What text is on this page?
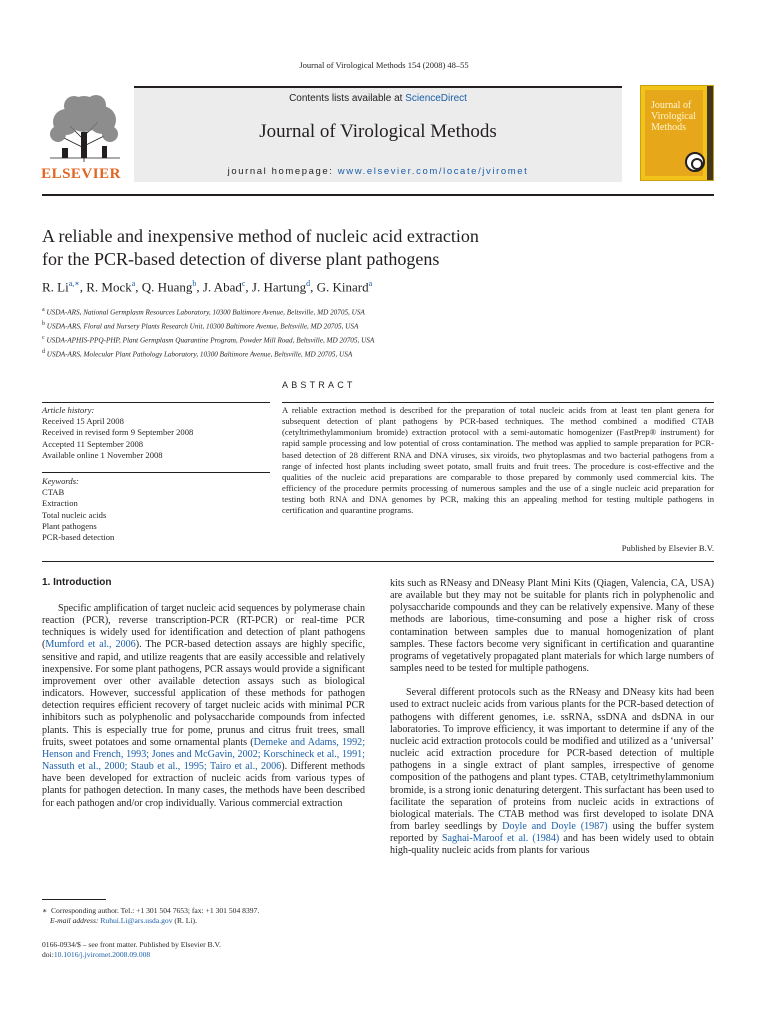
Journal of Virological Methods 154 (2008) 48–55
ELSEVIER
Contents lists available at ScienceDirect
Journal of Virological Methods
journal homepage: www.elsevier.com/locate/jviromet
Journal of
Virological
Methods
A reliable and inexpensive method of nucleic acid extraction
for the PCR-based detection of diverse plant pathogens
R. $Li^{a,∗}$, R. Mock$^a$, Q. Huang$^b$, J. Abad$^c$, J. Hartung$^d$, G. Kinard$^a$
$^a$ USDA-ARS, National Germplasm Resources Laboratory, 10300 Baltimore Avenue, Beltsville, MD 20705, USA
$^b$ USDA-ARS, Floral and Nursery Plants Research Unit, 10300 Baltimore Avenue, Beltsville, MD 20705, USA
$^c$ USDA-APHIS-PPQ-PHP, Plant Germplasm Quarantine Program, Powder Mill Road, Beltsville, MD 20705, USA
$^d$ USDA-ARS, Molecular Plant Pathology Laboratory, 10300 Baltimore Avenue, Beltsville, MD 20705, USA
ABSTRACT
Article history:
Received 15 April 2008
Received in revised form 9 September 2008
Accepted 11 September 2008
Available online 1 November 2008
Keywords:
CTAB
Extraction
Total nucleic acids
Plant pathogens
PCR-based detection
A reliable extraction method is described for the preparation of total nucleic acids from at least ten plant genera for subsequent detection of plant pathogens by PCR-based techniques. The method combined a modified CTAB (cetyltrimethylammonium bromide) extraction protocol with a semi-automatic homogenizer (FastPrep® instrument) for rapid sample processing and low potential of cross contamination. The method was applied to sample preparation for PCR-based detection of 28 different RNA and DNA viruses, six viroids, two phytoplasmas and two bacterial pathogens from a range of infected host plants including sweet potato, small fruits and fruit trees. The procedure is cost-effective and the qualities of the nucleic acid preparations are comparable to those prepared by commonly used commercial kits. The efficiency of the procedure permits processing of numerous samples and the use of a single nucleic acid preparation for testing both RNA and DNA genomes by PCR, making this an appealing method for testing multiple pathogens in certification and quarantine programs.
Published by Elsevier B.V.
1. Introduction

Specific amplification of target nucleic acid sequences by polymerase chain reaction (PCR), reverse transcription-PCR (RT-PCR) or real-time PCR techniques is widely used for identification and detection of plant pathogens (Mumford et al., 2006). The PCR-based detection assays are highly specific, sensitive and rapid, and utilize reagents that are easily accessible and relatively inexpensive. For some plant pathogens, PCR assays would provide a significant improvement over other available detection assays such as biological indicators. However, successful application of these methods for pathogen detection requires efficient recovery of target nucleic acids with minimal PCR inhibitors such as polyphenolic and polysaccharide compounds from infected plants. This is especially true for pome, prunus and citrus fruit trees, small fruits, sweet potatoes and some ornamental plants (Demeke and Adams, 1992; Henson and French, 1993; Jones and McGavin, 2002; Korschineck et al., 1991; Nassuth et al., 2000; Staub et al., 1995; Tairo et al., 2006). Different methods have been developed for extraction of nucleic acids from various types of plants for pathogen detection. In many cases, the methods have been described for each pathogen and/or crop individually. Various commercial extraction

kits such as RNeasy and DNeasy Plant Mini Kits (Qiagen, Valencia, CA, USA) are available but they may not be suitable for plants rich in polyphenolic and polysaccharide compounds and they can be relatively expensive. Many of these methods are laborious, time-consuming and pose a higher risk of cross contamination between samples due to manual homogenization of plant samples. These factors become very significant in certification and quarantine programs of vegetatively propagated plant materials for which large numbers of samples need to be tested for multiple pathogens.

Several different protocols such as the RNeasy and DNeasy kits had been used to extract nucleic acids from various plants for the PCR-based detection of pathogens with different genomes, i.e. ssRNA, ssDNA and dsDNA in our laboratories. To improve efficiency, it was important to determine if any of the nucleic acid extraction protocols could be modified and utilized as a ‘universal’ nucleic acid extraction procedure for PCR-based detection of multiple pathogens in a single extract of plant samples, irrespective of genome composition of the pathogens and plant types. CTAB, cetyltrimethylammonium bromide, is a strong ionic denaturing detergent. This surfactant has been used to facilitate the separation of proteins from nucleic acids in extractions of biological materials. The CTAB method was first developed to isolate DNA from barley seedlings by Doyle and Doyle (1987) using the buffer system reported by Saghai-Maroof et al. (1984) and has been widely used to obtain high-quality nucleic acids from plants for various

∗ Corresponding author. Tel.: +1 301 504 7653; fax: +1 301 504 8397.
E-mail address: Ruhui.Li@ars.usda.gov (R. Li).
0166-0934/$ – see front matter. Published by Elsevier B.V.
doi:10.1016/j.jviromet.2008.09.008
